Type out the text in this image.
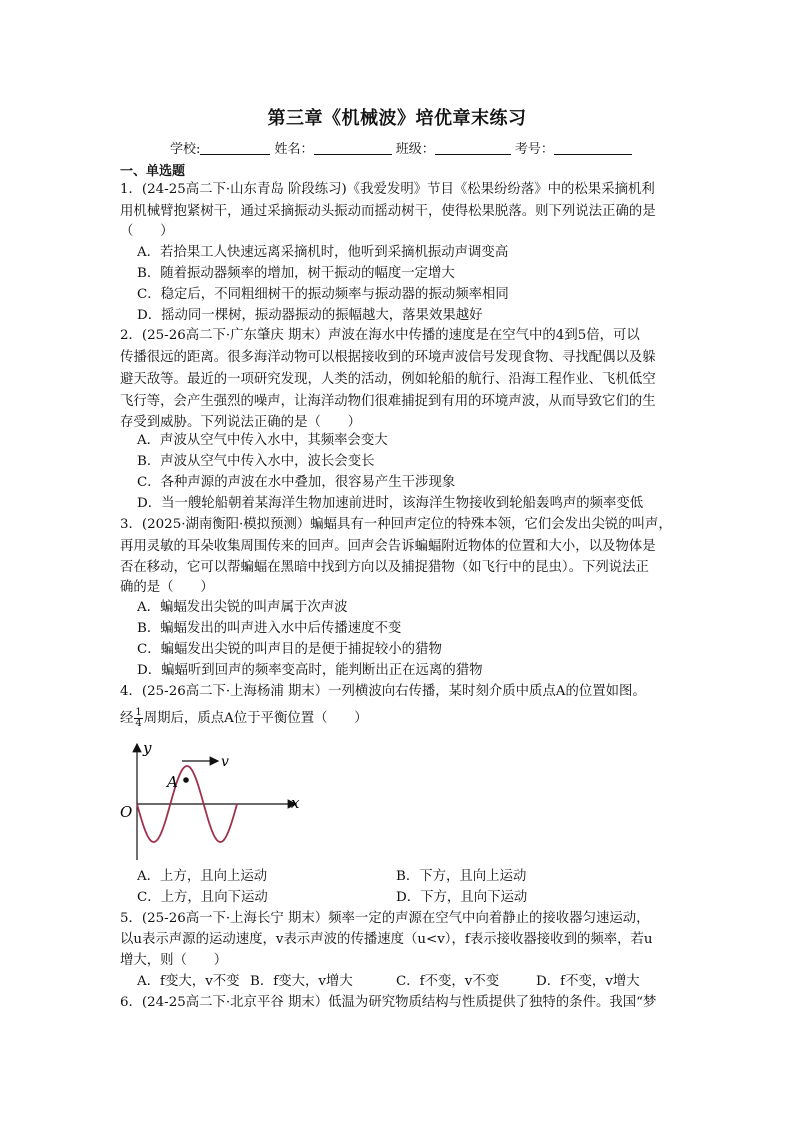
第三章《机械波》培优章末练习
学校:	姓名：	班级：	考号：
一、单选题
1．(24-25高二下·山东青岛 阶段练习)《我爱发明》节目《松果纷纷落》中的松果采摘机利
用机械臂抱紧树干，通过采摘振动头振动而摇动树干，使得松果脱落。则下列说法正确的是
（　　）
A．若拾果工人快速远离采摘机时，他听到采摘机振动声调变高
B．随着振动器频率的增加，树干振动的幅度一定增大
C．稳定后，不同粗细树干的振动频率与振动器的振动频率相同
D．摇动同一棵树，振动器振动的振幅越大，落果效果越好
2．(25-26高二下·广东肇庆 期末）声波在海水中传播的速度是在空气中的4到5倍，可以
传播很远的距离。很多海洋动物可以根据接收到的环境声波信号发现食物、寻找配偶以及躲
避天敌等。最近的一项研究发现，人类的活动，例如轮船的航行、沿海工程作业、飞机低空
飞行等，会产生强烈的噪声，让海洋动物们很难捕捉到有用的环境声波，从而导致它们的生
存受到威胁。下列说法正确的是（　　）
A．声波从空气中传入水中，其频率会变大
B．声波从空气中传入水中，波长会变长
C．各种声源的声波在水中叠加，很容易产生干涉现象
D．当一艘轮船朝着某海洋生物加速前进时，该海洋生物接收到轮船轰鸣声的频率变低
3．(2025·湖南衡阳·模拟预测）蝙蝠具有一种回声定位的特殊本领，它们会发出尖锐的叫声，
再用灵敏的耳朵收集周围传来的回声。回声会告诉蝙蝠附近物体的位置和大小，以及物体是
否在移动，它可以帮蝙蝠在黑暗中找到方向以及捕捉猎物（如飞行中的昆虫）。下列说法正
确的是（　　）
A．蝙蝠发出尖锐的叫声属于次声波
B．蝙蝠发出的叫声进入水中后传播速度不变
C．蝙蝠发出尖锐的叫声目的是便于捕捉较小的猎物
D．蝙蝠听到回声的频率变高时，能判断出正在远离的猎物
4．(25-26高二下·上海杨浦 期末）一列横波向右传播，某时刻介质中质点A的位置如图。
经 $\frac{1}{4}$ 周期后，质点A位于平衡位置（　　）
y
x
O
A
v
A．上方，且向上运动	B．下方，且向上运动
C．上方，且向下运动	D．下方，且向下运动
5．(25-26高一下·上海长宁 期末）频率一定的声源在空气中向着静止的接收器匀速运动，
以u表示声源的运动速度，v表示声波的传播速度（u<v），f表示接收器接收到的频率，若u
增大，则（　　）
A．f变大，v不变 B．f变大，v增大	C．f不变，v不变	D．f不变，v增大
6．(24-25高二下·北京平谷 期末）低温为研究物质结构与性质提供了独特的条件。我国“梦
